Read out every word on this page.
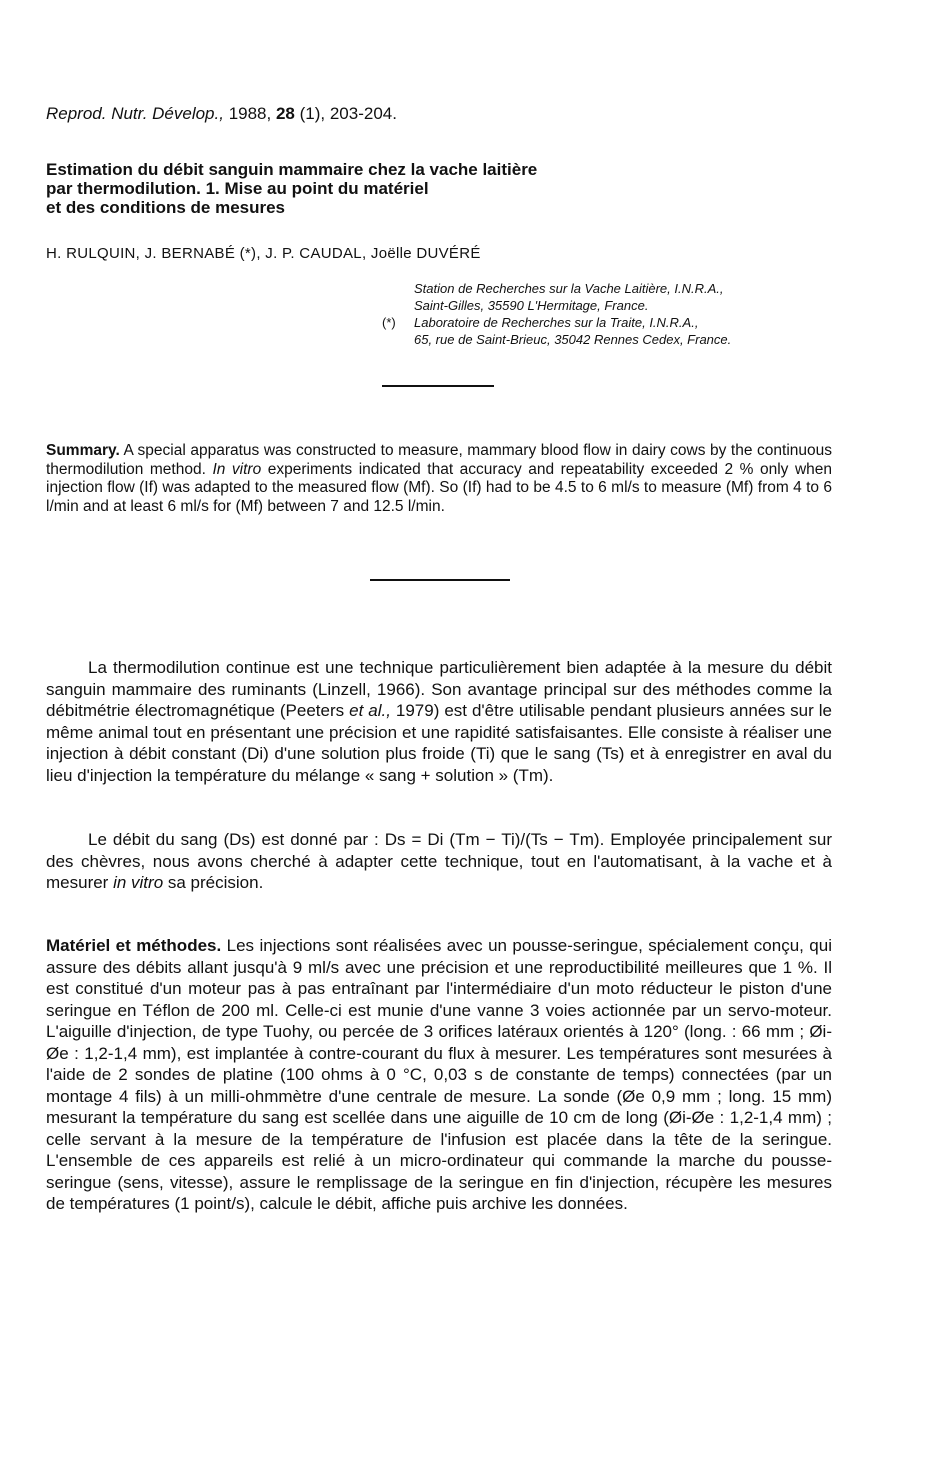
Reprod. Nutr. Dévelop., 1988, 28 (1), 203-204.
Estimation du débit sanguin mammaire chez la vache laitière
par thermodilution. 1. Mise au point du matériel
et des conditions de mesures
H. RULQUIN, J. BERNABÉ (*), J. P. CAUDAL, Joëlle DUVÉRÉ
Station de Recherches sur la Vache Laitière, I.N.R.A.,
Saint-Gilles, 35590 L'Hermitage, France.
(*) Laboratoire de Recherches sur la Traite, I.N.R.A.,
65, rue de Saint-Brieuc, 35042 Rennes Cedex, France.
Summary. A special apparatus was constructed to measure, mammary blood flow in dairy cows by the continuous thermodilution method. In vitro experiments indicated that accuracy and repeatability exceeded 2 % only when injection flow (If) was adapted to the measured flow (Mf). So (If) had to be 4.5 to 6 ml/s to measure (Mf) from 4 to 6 l/min and at least 6 ml/s for (Mf) between 7 and 12.5 l/min.
La thermodilution continue est une technique particulièrement bien adaptée à la mesure du débit sanguin mammaire des ruminants (Linzell, 1966). Son avantage principal sur des méthodes comme la débitmétrie électromagnétique (Peeters et al., 1979) est d'être utilisable pendant plusieurs années sur le même animal tout en présentant une précision et une rapidité satisfaisantes. Elle consiste à réaliser une injection à débit constant (Di) d'une solution plus froide (Ti) que le sang (Ts) et à enregistrer en aval du lieu d'injection la température du mélange « sang + solution » (Tm).
Le débit du sang (Ds) est donné par : Ds = Di (Tm − Ti)/(Ts − Tm). Employée principalement sur des chèvres, nous avons cherché à adapter cette technique, tout en l'automatisant, à la vache et à mesurer in vitro sa précision.
Matériel et méthodes. Les injections sont réalisées avec un pousse-seringue, spécialement conçu, qui assure des débits allant jusqu'à 9 ml/s avec une précision et une reproductibilité meilleures que 1 %. Il est constitué d'un moteur pas à pas entraînant par l'intermédiaire d'un moto réducteur le piston d'une seringue en Téflon de 200 ml. Celle-ci est munie d'une vanne 3 voies actionnée par un servo-moteur. L'aiguille d'injection, de type Tuohy, ou percée de 3 orifices latéraux orientés à 120° (long. : 66 mm ; Øi-Øe : 1,2-1,4 mm), est implantée à contre-courant du flux à mesurer. Les températures sont mesurées à l'aide de 2 sondes de platine (100 ohms à 0 °C, 0,03 s de constante de temps) connectées (par un montage 4 fils) à un milli-ohmmètre d'une centrale de mesure. La sonde (Øe 0,9 mm ; long. 15 mm) mesurant la température du sang est scellée dans une aiguille de 10 cm de long (Øi-Øe : 1,2-1,4 mm) ; celle servant à la mesure de la température de l'infusion est placée dans la tête de la seringue. L'ensemble de ces appareils est relié à un micro-ordinateur qui commande la marche du pousse-seringue (sens, vitesse), assure le remplissage de la seringue en fin d'injection, récupère les mesures de températures (1 point/s), calcule le débit, affiche puis archive les données.
